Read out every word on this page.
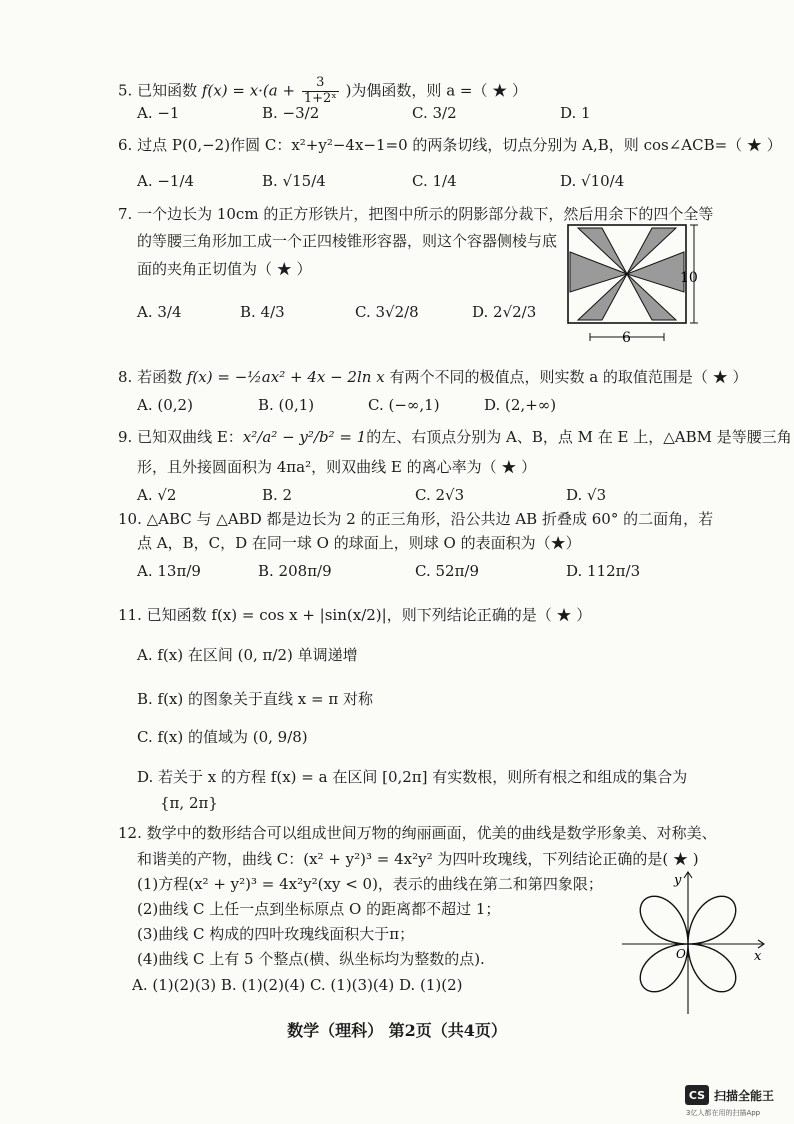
5. 已知函数 $f(x) = x\cdot(a + \frac{3}{\text{1+2ˣ}}$ )为偶函数，则 a =（ ★ ）
A. −1	B. −3/2	C. 3/2	D. 1
6. 过点 P(0,−2)作圆 C：x²+y²−4x−1=0 的两条切线，切点分别为 A,B，则 cos∠ACB=（ ★ ）
A. −1/4	B. √15/4	C. 1/4	D. √10/4
7. 一个边长为 10cm 的正方形铁片，把图中所示的阴影部分裁下，然后用余下的四个全等
的等腰三角形加工成一个正四棱锥形容器，则这个容器侧棱与底
面的夹角正切值为（ ★ ）
A. 3/4	B. 4/3	C. 3√2/8	D. 2√2/3
10
6
8. 若函数 f(x) = −½ax² + 4x − 2ln x 有两个不同的极值点，则实数 a 的取值范围是（ ★ ）
A. (0,2)	B. (0,1)	C. (−∞,1)	D. (2,+∞)
9. 已知双曲线 E：x²/a² − y²/b² = 1的左、右顶点分别为 A、B，点 M 在 E 上，△ABM 是等腰三角
形，且外接圆面积为 4πa²，则双曲线 E 的离心率为（ ★ ）
A. √2	B. 2	C. 2√3	D. √3
10. △ABC 与 △ABD 都是边长为 2 的正三角形，沿公共边 AB 折叠成 60° 的二面角，若
点 A，B，C，D 在同一球 O 的球面上，则球 O 的表面积为（★）
A. 13π/9	B. 208π/9	C. 52π/9	D. 112π/3
11. 已知函数 f(x) = cos x + |sin(x/2)|，则下列结论正确的是（ ★ ）
A. f(x) 在区间 (0, π/2) 单调递增
B. f(x) 的图象关于直线 x = π 对称
C. f(x) 的值域为 (0, 9/8)
D. 若关于 x 的方程 f(x) = a 在区间 [0,2π] 有实数根，则所有根之和组成的集合为
{π, 2π}
12. 数学中的数形结合可以组成世间万物的绚丽画面，优美的曲线是数学形象美、对称美、
和谐美的产物，曲线 C：(x² + y²)³ = 4x²y² 为四叶玫瑰线，下列结论正确的是( ★ )
(1)方程(x² + y²)³ = 4x²y²(xy < 0)，表示的曲线在第二和第四象限；
(2)曲线 C 上任一点到坐标原点 O 的距离都不超过 1；
(3)曲线 C 构成的四叶玫瑰线面积大于π；
(4)曲线 C 上有 5 个整点(横、纵坐标均为整数的点).
A. (1)(2)(3) B. (1)(2)(4) C. (1)(3)(4) D. (1)(2)
x
y
O
数学（理科） 第2页（共4页）
CS 扫描全能王
3亿人都在用的扫描App
